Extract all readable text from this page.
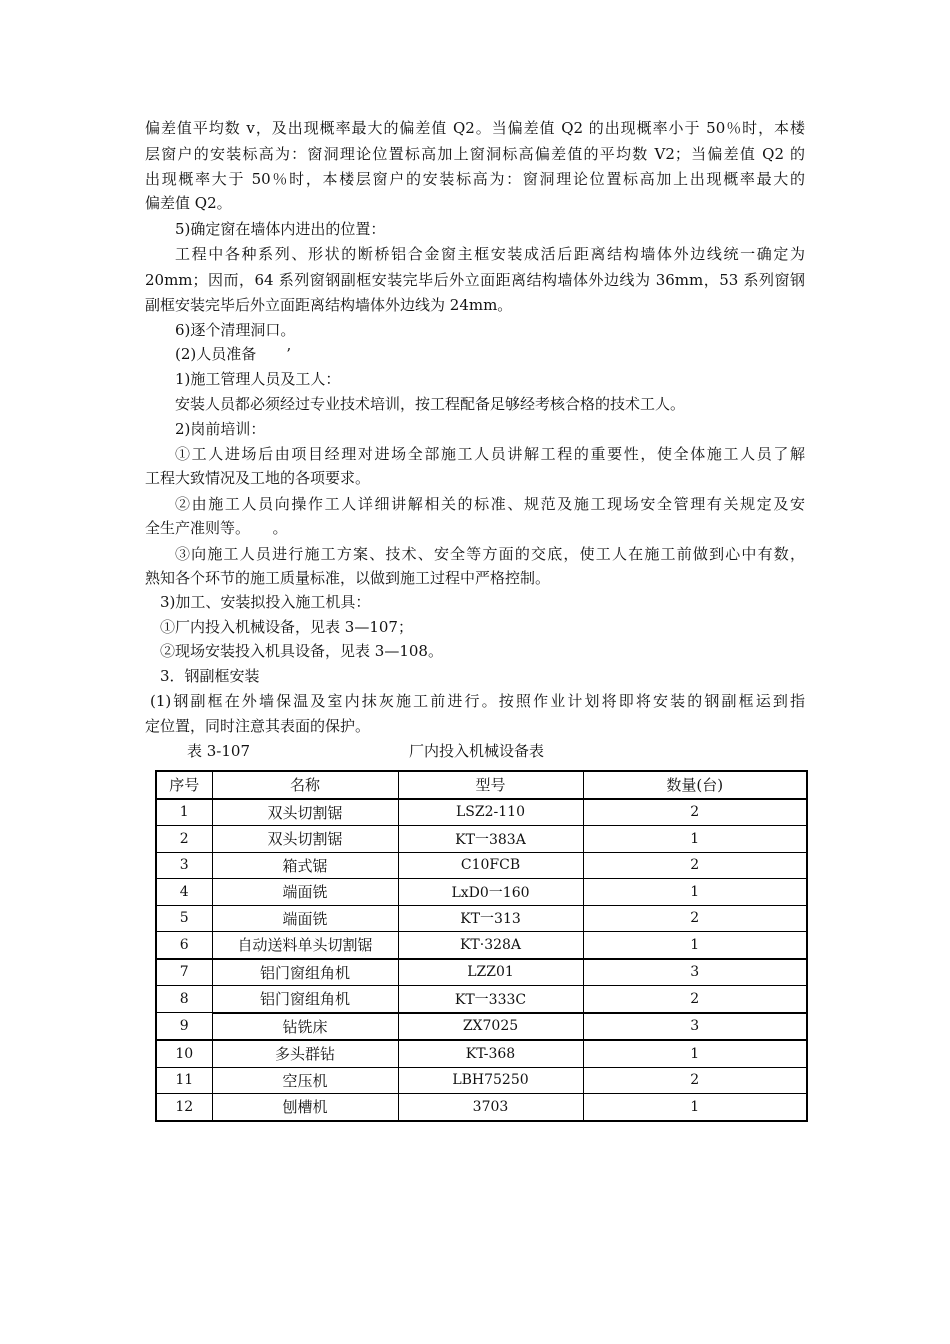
偏差值平均数 v，及出现概率最大的偏差值 Q2。当偏差值 Q2 的出现概率小于 50％时，本楼
层窗户的安装标高为：窗洞理论位置标高加上窗洞标高偏差值的平均数 V2；当偏差值 Q2 的
出现概率大于 50％时，本楼层窗户的安装标高为：窗洞理论位置标高加上出现概率最大的
偏差值 Q2。
5)确定窗在墙体内进出的位置：
工程中各种系列、形状的断桥铝合金窗主框安装成活后距离结构墙体外边线统一确定为
20mm；因而，64 系列窗钢副框安装完毕后外立面距离结构墙体外边线为 36mm，53 系列窗钢
副框安装完毕后外立面距离结构墙体外边线为 24mm。
6)逐个清理洞口。
(2)人员准备　　’
1)施工管理人员及工人：
安装人员都必须经过专业技术培训，按工程配备足够经考核合格的技术工人。
2)岗前培训：
①工人进场后由项目经理对进场全部施工人员讲解工程的重要性，使全体施工人员了解
工程大致情况及工地的各项要求。
②由施工人员向操作工人详细讲解相关的标准、规范及施工现场安全管理有关规定及安
全生产准则等。　　。
③向施工人员进行施工方案、技术、安全等方面的交底，使工人在施工前做到心中有数，
熟知各个环节的施工质量标准，以做到施工过程中严格控制。
3)加工、安装拟投入施工机具：
①厂内投入机械设备，见表 3—107；
②现场安装投入机具设备，见表 3—108。
3．钢副框安装
(1)钢副框在外墙保温及室内抹灰施工前进行。按照作业计划将即将安装的钢副框运到指
定位置，同时注意其表面的保护。
表 3-107	厂内投入机械设备表
序号	名称	型号	数量(台)
1	双头切割锯	LSZ2-110	2
2	双头切割锯	KT一383A	1
3	箱式锯	C10FCB	2
4	端面铣	LxD0一160	1
5	端面铣	KT一313	2
6	自动送料单头切割锯	KT·328A	1
7	铝门窗组角机	LZZ01	3
8	铝门窗组角机	KT一333C	2
9	钻铣床	ZX7025	3
10	多头群钻	KT-368	1
11	空压机	LBH75250	2
12	刨槽机	3703	1
